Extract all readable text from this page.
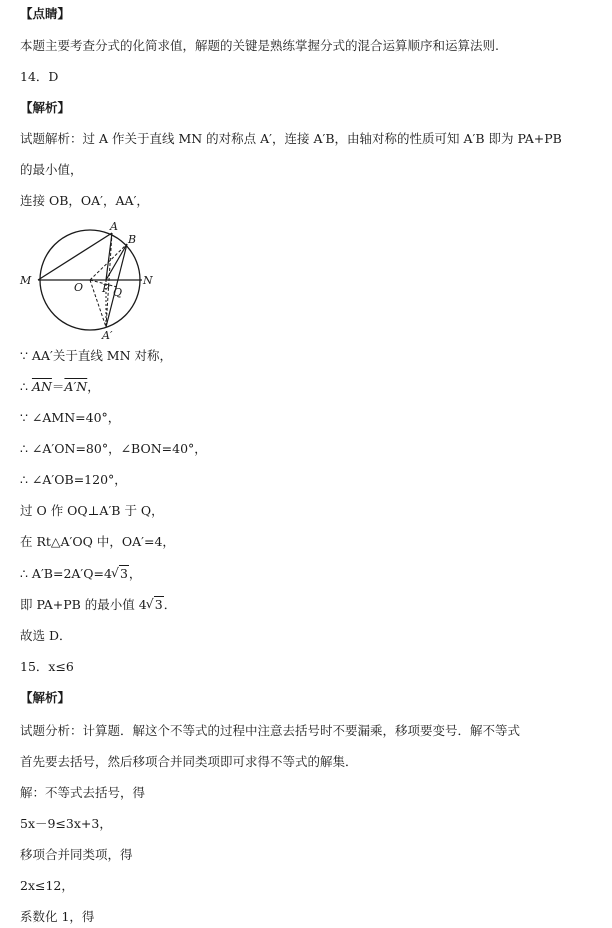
【点睛】
本题主要考查分式的化简求值，解题的关键是熟练掌握分式的混合运算顺序和运算法则.
14．D
【解析】
试题解析：过 A 作关于直线 MN 的对称点 A′，连接 A′B，由轴对称的性质可知 A′B 即为 PA+PB
的最小值，
连接 OB，OA′，AA′，
A
B
M	N
O P Q
A′
∵ AA′关于直线 MN 对称，
∴ $\overline{AN}=A'N$，
∵ ∠AMN=40°，
∴ ∠A′ON=80°，∠BON=40°，
∴ ∠A′OB=120°，
过 O 作 OQ⊥A′B 于 Q，
在 Rt△A′OQ 中，OA′=4，
∴ A′B=2A′Q=4 √ 3，
即 PA+PB 的最小值 4 √ 3．
故选 D．
15．x≤6
【解析】
试题分析：计算题．解这个不等式的过程中注意去括号时不要漏乘，移项要变号．解不等式
首先要去括号，然后移项合并同类项即可求得不等式的解集．
解：不等式去括号，得
5x－9≤3x+3，
移项合并同类项，得
2x≤12，
系数化 1，得
